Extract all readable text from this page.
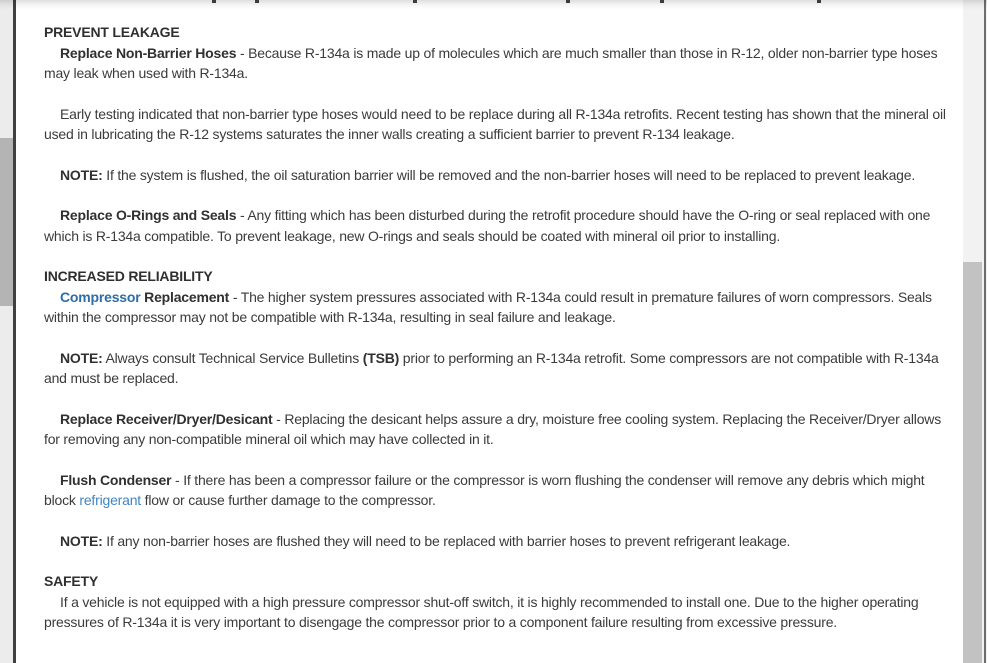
PREVENT LEAKAGE

Replace Non-Barrier Hoses - Because R-134a is made up of molecules which are much smaller than those in R-12, older non-barrier type hoses may leak when used with R-134a.

Early testing indicated that non-barrier type hoses would need to be replace during all R-134a retrofits. Recent testing has shown that the mineral oil used in lubricating the R-12 systems saturates the inner walls creating a sufficient barrier to prevent R-134 leakage.

NOTE: If the system is flushed, the oil saturation barrier will be removed and the non-barrier hoses will need to be replaced to prevent leakage.

Replace O-Rings and Seals - Any fitting which has been disturbed during the retrofit procedure should have the O-ring or seal replaced with one which is R-134a compatible. To prevent leakage, new O-rings and seals should be coated with mineral oil prior to installing.

INCREASED RELIABILITY

Compressor Replacement - The higher system pressures associated with R-134a could result in premature failures of worn compressors. Seals within the compressor may not be compatible with R-134a, resulting in seal failure and leakage.

NOTE: Always consult Technical Service Bulletins (TSB) prior to performing an R-134a retrofit. Some compressors are not compatible with R-134a and must be replaced.

Replace Receiver/Dryer/Desicant - Replacing the desicant helps assure a dry, moisture free cooling system. Replacing the Receiver/Dryer allows for removing any non-compatible mineral oil which may have collected in it.

Flush Condenser - If there has been a compressor failure or the compressor is worn flushing the condenser will remove any debris which might block refrigerant flow or cause further damage to the compressor.

NOTE: If any non-barrier hoses are flushed they will need to be replaced with barrier hoses to prevent refrigerant leakage.

SAFETY

If a vehicle is not equipped with a high pressure compressor shut-off switch, it is highly recommended to install one. Due to the higher operating pressures of R-134a it is very important to disengage the compressor prior to a component failure resulting from excessive pressure.
